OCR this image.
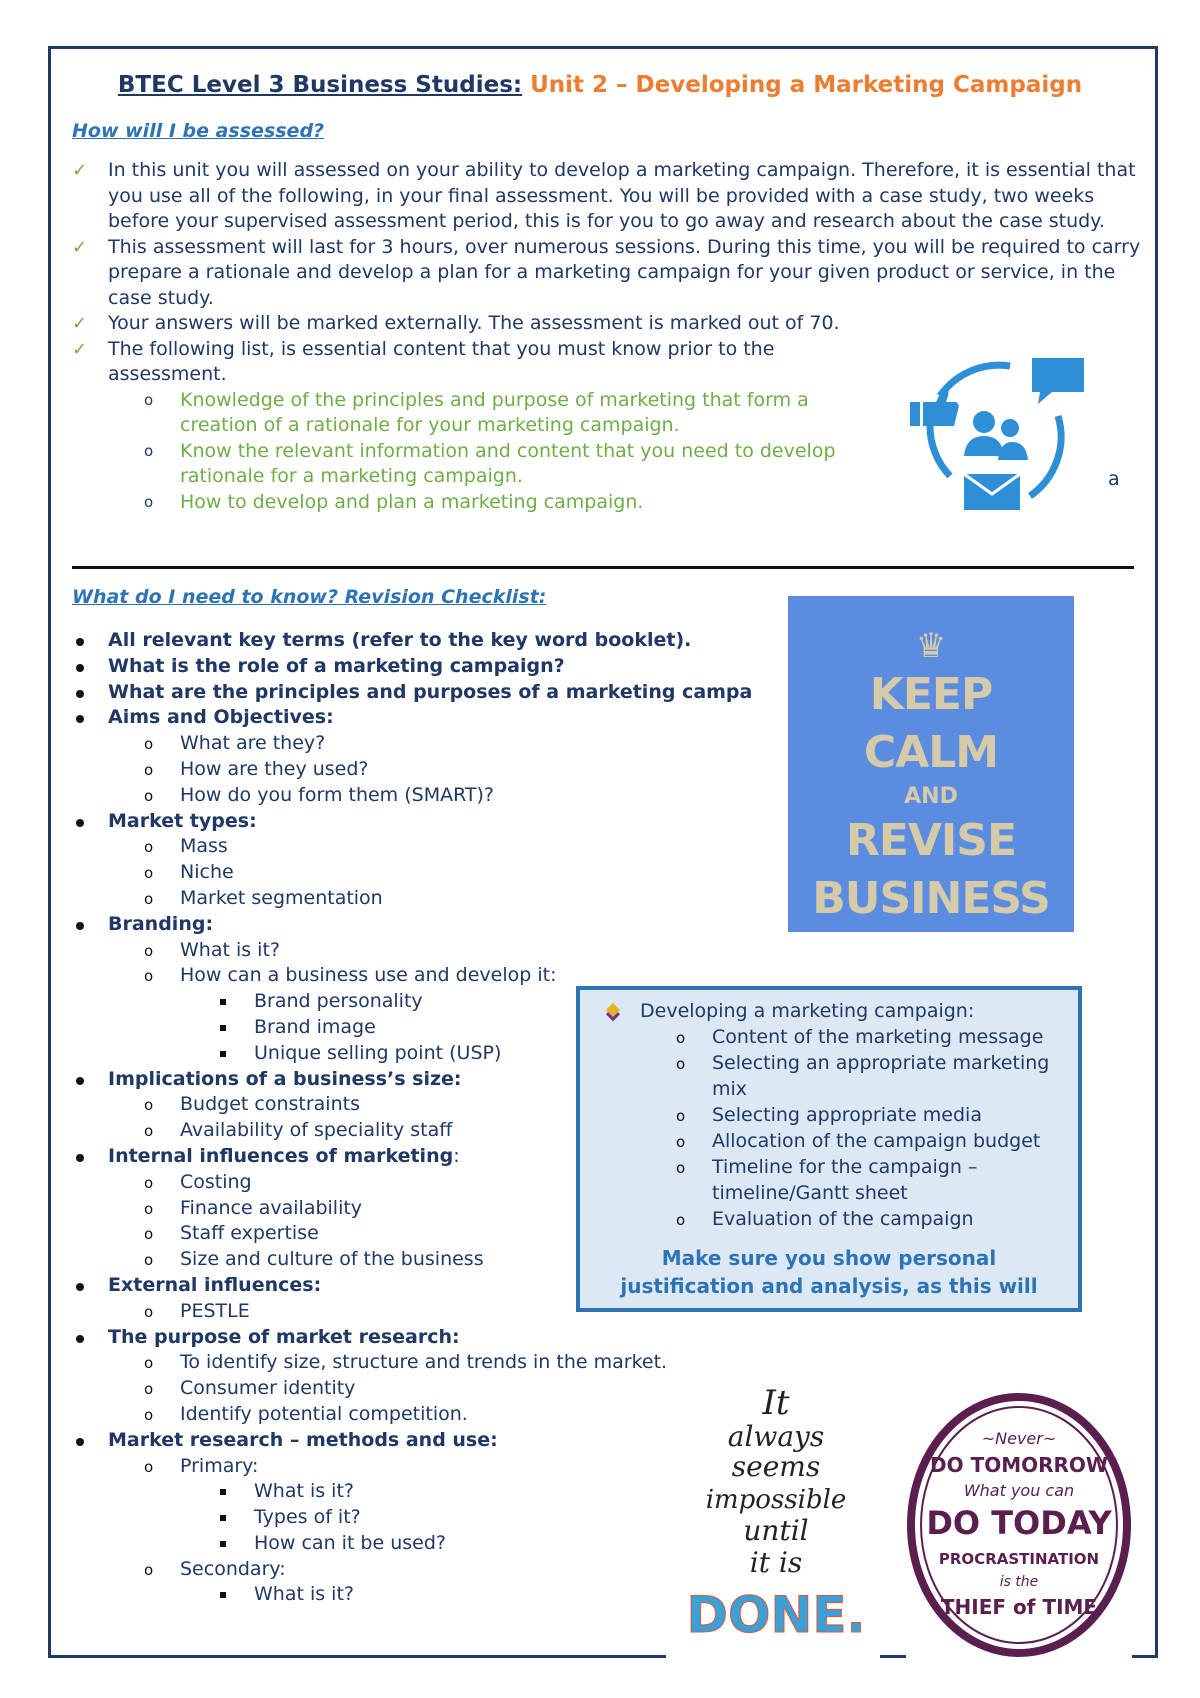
BTEC Level 3 Business Studies: Unit 2 – Developing a Marketing Campaign
How will I be assessed?
✓ In this unit you will assessed on your ability to develop a marketing campaign. Therefore, it is essential that you use all of the following, in your final assessment. You will be provided with a case study, two weeks before your supervised assessment period, this is for you to go away and research about the case study.
✓ This assessment will last for 3 hours, over numerous sessions. During this time, you will be required to carry prepare a rationale and develop a plan for a marketing campaign for your given product or service, in the case study.
✓ Your answers will be marked externally. The assessment is marked out of 70.
✓ The following list, is essential content that you must know prior to the assessment.
o Knowledge of the principles and purpose of marketing that form a creation of a rationale for your marketing campaign.
o Know the relevant information and content that you need to develop
rationale for a marketing campaign.
o How to develop and plan a marketing campaign.
a
What do I need to know? Revision Checklist:
All relevant key terms (refer to the key word booklet).
What is the role of a marketing campaign?
What are the principles and purposes of a marketing campa
Aims and Objectives:
o What are they?
o How are they used?
o How do you form them (SMART)?
Market types:
o Mass
o Niche
o Market segmentation
Branding:
o What is it?
o How can a business use and develop it:
Brand personality
Brand image
Unique selling point (USP)
Implications of a business’s size:
o Budget constraints
o Availability of speciality staff
Internal influences of marketing:
o Costing
o Finance availability
o Staff expertise
o Size and culture of the business
External influences:
o PESTLE
The purpose of market research:
o To identify size, structure and trends in the market.
o Consumer identity
o Identify potential competition.
Market research – methods and use:
o Primary:
What is it?
Types of it?
How can it be used?
o Secondary:
What is it?
♛
KEEP
CALM
AND
REVISE
BUSINESS
Developing a marketing campaign:
o Content of the marketing message
o Selecting an appropriate marketing
mix
o Selecting appropriate media
o Allocation of the campaign budget
o Timeline for the campaign –
timeline/Gantt sheet
o Evaluation of the campaign
Make sure you show personal
justification and analysis, as this will
It
always
seems
impossible
until
it is
DONE.
~Never~
DO TOMORROW
What you can
DO TODAY
PROCRASTINATION
is the
THIEF of TIME
